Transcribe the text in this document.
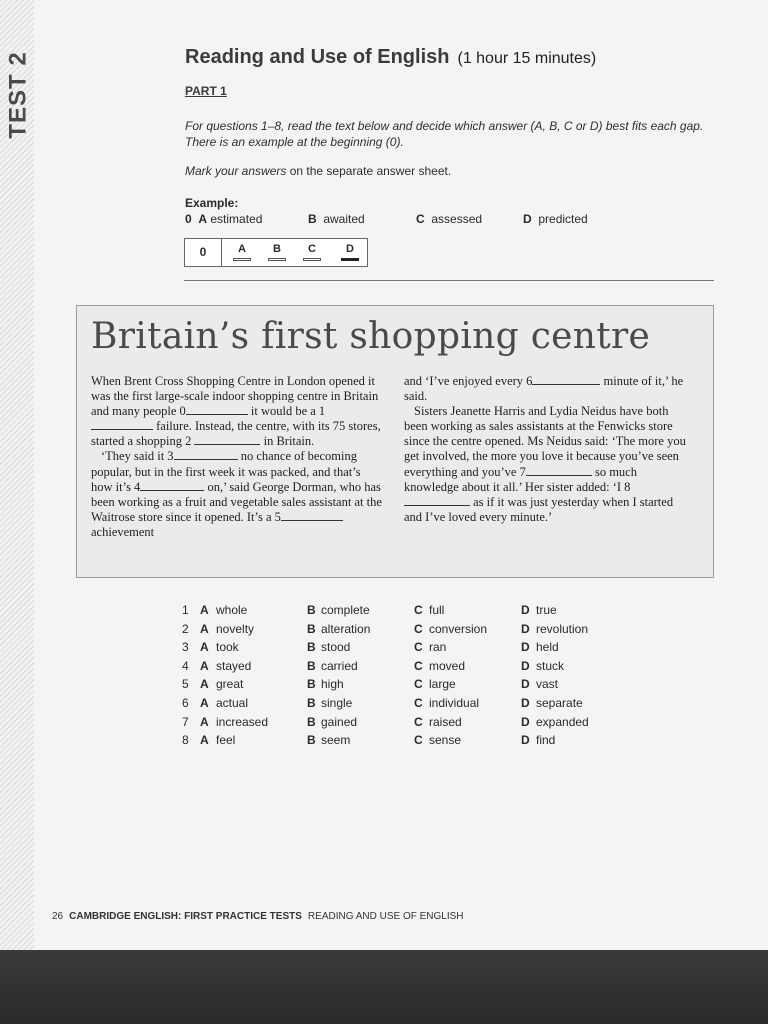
TEST 2	Reading and Use of English (1 hour 15 minutes)
PART 1
For questions 1–8, read the text below and decide which answer (A, B, C or D) best fits each gap. There is an example at the beginning (0).
Mark your answers on the separate answer sheet.
Example:
0 A estimated	B awaited	C assessed	D predicted
0	A	B	C	D
Britain’s first shopping centre

When Brent Cross Shopping Centre in London opened it was the first large-scale indoor shopping centre in Britain and many people 0	it would be a 1 failure. Instead, the centre, with its 75 stores, started a shopping 2	in Britain.

‘They said it 3	no chance of becoming popular, but in the first week it was packed, and that’s how it’s 4	on,’ said George Dorman, who has been working as a fruit and vegetable sales assistant at the Waitrose store since it opened. It’s a 5 achievement

and ‘I’ve enjoyed every 6	minute of it,’ he said.

Sisters Jeanette Harris and Lydia Neidus have both been working as sales assistants at the Fenwicks store since the centre opened. Ms Neidus said: ‘The more you get involved, the more you love it because you’ve seen everything and you’ve 7	so much knowledge about it all.’ Her sister added: ‘I 8 as if it was just yesterday when I started and I’ve loved every minute.’

1 A whole	B complete	C full	D true
2 A novelty	B alteration	C conversion	D revolution
3 A took	B stood	C ran	D held
4 A stayed	B carried	C moved	D stuck
5 A great	B high	C large	D vast
6 A actual	B single	C individual	D separate
7 A increased	B gained	C raised	D expanded
8 A feel	B seem	C sense	D find
26 CAMBRIDGE ENGLISH: FIRST PRACTICE TESTS READING AND USE OF ENGLISH
